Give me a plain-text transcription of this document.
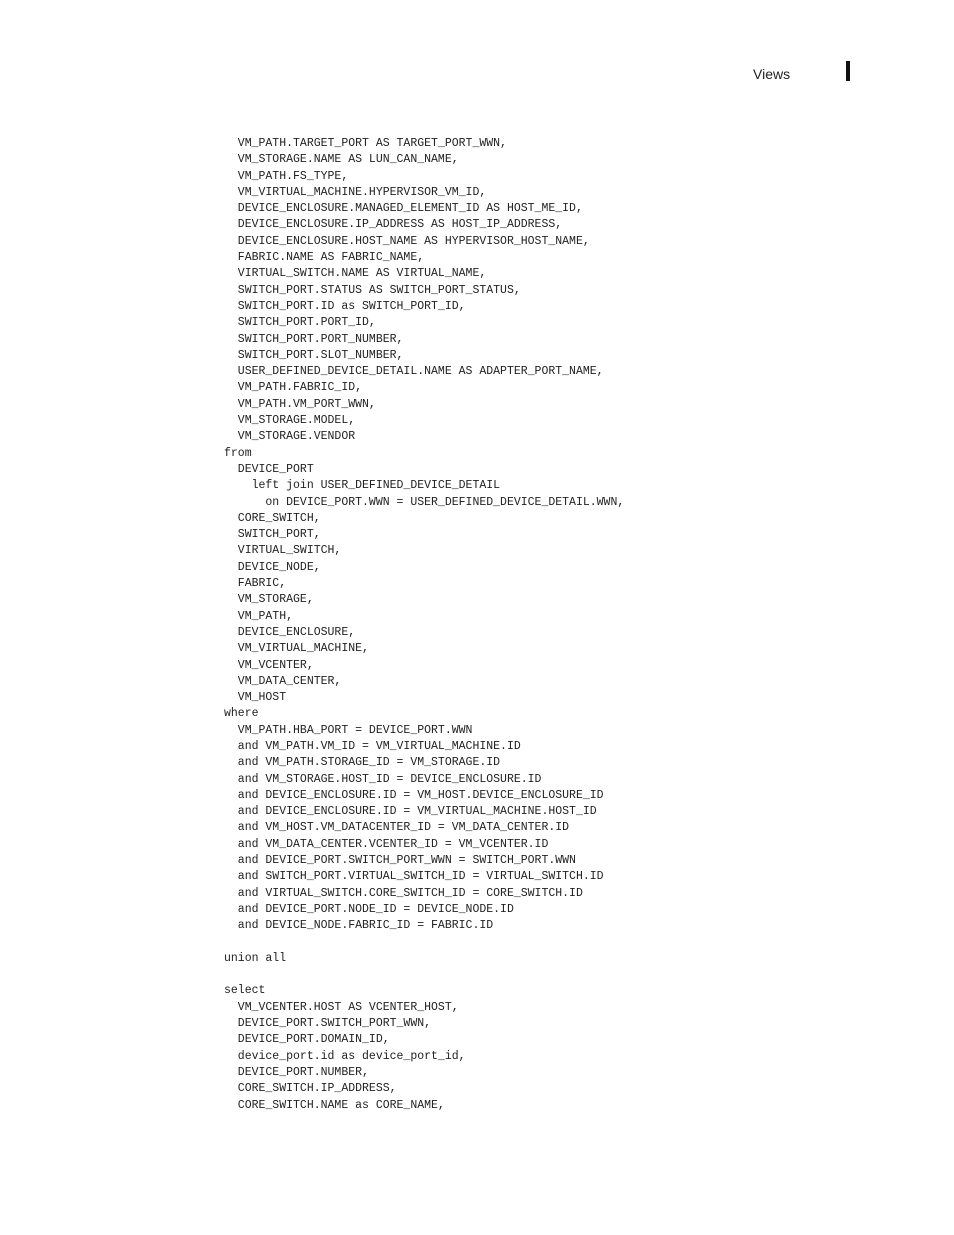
Views
VM_PATH.TARGET_PORT AS TARGET_PORT_WWN,
VM_STORAGE.NAME AS LUN_CAN_NAME,
VM_PATH.FS_TYPE,
VM_VIRTUAL_MACHINE.HYPERVISOR_VM_ID,
DEVICE_ENCLOSURE.MANAGED_ELEMENT_ID AS HOST_ME_ID,
DEVICE_ENCLOSURE.IP_ADDRESS AS HOST_IP_ADDRESS,
DEVICE_ENCLOSURE.HOST_NAME AS HYPERVISOR_HOST_NAME,
FABRIC.NAME AS FABRIC_NAME,
VIRTUAL_SWITCH.NAME AS VIRTUAL_NAME,
SWITCH_PORT.STATUS AS SWITCH_PORT_STATUS,
SWITCH_PORT.ID as SWITCH_PORT_ID,
SWITCH_PORT.PORT_ID,
SWITCH_PORT.PORT_NUMBER,
SWITCH_PORT.SLOT_NUMBER,
USER_DEFINED_DEVICE_DETAIL.NAME AS ADAPTER_PORT_NAME,
VM_PATH.FABRIC_ID,
VM_PATH.VM_PORT_WWN,
VM_STORAGE.MODEL,
VM_STORAGE.VENDOR
from
DEVICE_PORT
left join USER_DEFINED_DEVICE_DETAIL
on DEVICE_PORT.WWN = USER_DEFINED_DEVICE_DETAIL.WWN,
CORE_SWITCH,
SWITCH_PORT,
VIRTUAL_SWITCH,
DEVICE_NODE,
FABRIC,
VM_STORAGE,
VM_PATH,
DEVICE_ENCLOSURE,
VM_VIRTUAL_MACHINE,
VM_VCENTER,
VM_DATA_CENTER,
VM_HOST
where
VM_PATH.HBA_PORT = DEVICE_PORT.WWN
and VM_PATH.VM_ID = VM_VIRTUAL_MACHINE.ID
and VM_PATH.STORAGE_ID = VM_STORAGE.ID
and VM_STORAGE.HOST_ID = DEVICE_ENCLOSURE.ID
and DEVICE_ENCLOSURE.ID = VM_HOST.DEVICE_ENCLOSURE_ID
and DEVICE_ENCLOSURE.ID = VM_VIRTUAL_MACHINE.HOST_ID
and VM_HOST.VM_DATACENTER_ID = VM_DATA_CENTER.ID
and VM_DATA_CENTER.VCENTER_ID = VM_VCENTER.ID
and DEVICE_PORT.SWITCH_PORT_WWN = SWITCH_PORT.WWN
and SWITCH_PORT.VIRTUAL_SWITCH_ID = VIRTUAL_SWITCH.ID
and VIRTUAL_SWITCH.CORE_SWITCH_ID = CORE_SWITCH.ID
and DEVICE_PORT.NODE_ID = DEVICE_NODE.ID
and DEVICE_NODE.FABRIC_ID = FABRIC.ID
union all
select
VM_VCENTER.HOST AS VCENTER_HOST,
DEVICE_PORT.SWITCH_PORT_WWN,
DEVICE_PORT.DOMAIN_ID,
device_port.id as device_port_id,
DEVICE_PORT.NUMBER,
CORE_SWITCH.IP_ADDRESS,
CORE_SWITCH.NAME as CORE_NAME,
